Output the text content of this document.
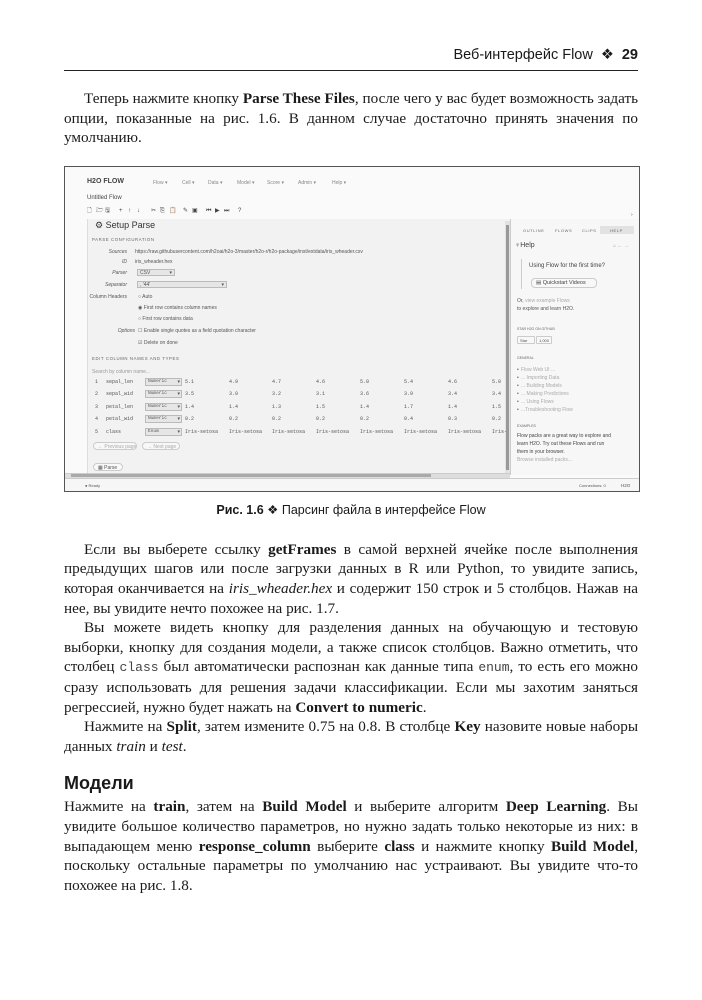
Веб-интерфейс Flow ❖ 29
Теперь нажмите кнопку Parse These Files, после чего у вас будет возможность задать опции, показанные на рис. 1.6. В данном случае достаточно принять значения по умолчанию.
H2O FLOW
Untitled Flow
⚙ Setup Parse
PARSE CONFIGURATION
Sources https://raw.githubusercontent.com/h2oai/h2o-3/master/h2o-r/h2o-package/inst/extdata/iris_wheader.csv
ID iris_wheader.hex
Parser	CSV	▾
Separator	, '44'	▾
Column Headers ○ Auto
◉ First row contains column names
○ First row contains data
Options ☐ Enable single quotes as a field quotation character
☑ Delete on done
EDIT COLUMN NAMES AND TYPES
Search by column name...
← Previous page → Next page
▦ Parse
›
OUTLINE	FLOWS CLIPS	HELP
♀Help	⌂ ← →
Using Flow for the first time?
▤ Quickstart Videos
Or, view example Flows
to explore and learn H2O.
STAR H2O ON GITHUB
Star	1,000
GENERAL
EXAMPLES
Flow packs are a great way to explore and
learn H2O. Try out these Flows and run
them in your browser.
Browse installed packs...
● Ready	Connections: 0	H2O
Flow ▾	Cell ▾	Data ▾	Model ▾ Score ▾	Admin ▾	Help ▾
🗋 🗁 🖫 + ↑ ↓ ✂ ⎘ 📋 ✎ ▣ ⏮ ▶ ⏭ ?
1 sepal_len	Numeric ▾ 5.1	4.9	4.7	4.6	5.0	5.4	4.6	5.0
2 sepal_wid	Numeric ▾ 3.5	3.0	3.2	3.1	3.6	3.9	3.4	3.4
3 petal_len	Numeric ▾ 1.4	1.4	1.3	1.5	1.4	1.7	1.4	1.5
4 petal_wid	Numeric ▾ 0.2	0.2	0.2	0.2	0.2	0.4	0.3	0.2
5 class	Enum	▾ Iris-setosa Iris-setosa Iris-setosa Iris-setosa Iris-setosa Iris-setosa Iris-setosa Iris-
Flow Web UI ...
•
... Importing Data
•
... Building Models
•
... Making Predictions
•
... Using Flows
•
...Troubleshooting Flow
•
Рис. 1.6 ❖ Парсинг файла в интерфейсе Flow
Если вы выберете ссылку getFrames в самой верхней ячейке после выполнения предыдущих шагов или после загрузки данных в R или Python, то увидите запись, которая оканчивается на iris_wheader.hex и содержит 150 строк и 5 столбцов. Нажав на нее, вы увидите нечто похожее на рис. 1.7.
Вы можете видеть кнопку для разделения данных на обучающую и тестовую выборки, кнопку для создания модели, а также список столбцов. Важно отметить, что столбец class был автоматически распознан как данные типа enum, то есть его можно сразу использовать для решения задачи классификации. Если мы захотим заняться регрессией, нужно будет нажать на Convert to numeric.
Нажмите на Split, затем измените 0.75 на 0.8. В столбце Key назовите новые наборы данных train и test.
Модели
Нажмите на train, затем на Build Model и выберите алгоритм Deep Learning. Вы увидите большое количество параметров, но нужно задать только некоторые из них: в выпадающем меню response_column выберите class и нажмите кнопку Build Model, поскольку остальные параметры по умолчанию нас устраивают. Вы увидите что-то похожее на рис. 1.8.
